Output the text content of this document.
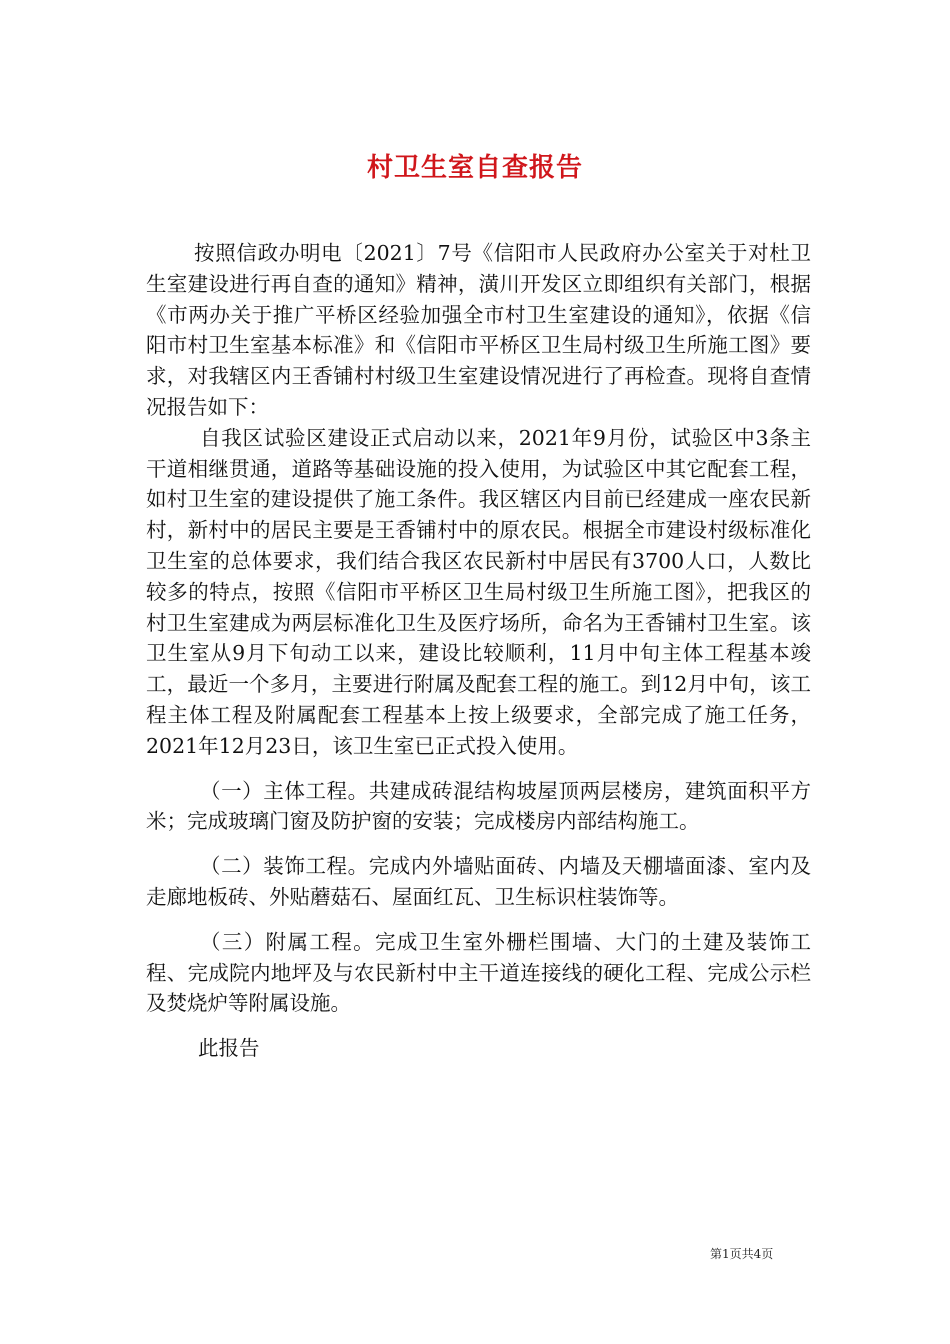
村卫生室自查报告

按照信政办明电〔2021〕7号《信阳市人民政府办公室关于对杜卫生室建设进行再自查的通知》精神，潢川开发区立即组织有关部门，根据《市两办关于推广平桥区经验加强全市村卫生室建设的通知》，依据《信阳市村卫生室基本标准》和《信阳市平桥区卫生局村级卫生所施工图》要求，对我辖区内王香铺村村级卫生室建设情况进行了再检查。现将自查情况报告如下：

自我区试验区建设正式启动以来，2021年9月份，试验区中3条主干道相继贯通，道路等基础设施的投入使用，为试验区中其它配套工程，如村卫生室的建设提供了施工条件。我区辖区内目前已经建成一座农民新村，新村中的居民主要是王香铺村中的原农民。根据全市建设村级标准化卫生室的总体要求，我们结合我区农民新村中居民有3700人口，人数比较多的特点，按照《信阳市平桥区卫生局村级卫生所施工图》，把我区的村卫生室建成为两层标准化卫生及医疗场所，命名为王香铺村卫生室。该卫生室从9月下旬动工以来，建设比较顺利，11月中旬主体工程基本竣工，最近一个多月，主要进行附属及配套工程的施工。到12月中旬，该工程主体工程及附属配套工程基本上按上级要求，全部完成了施工任务，2021年12月23日，该卫生室已正式投入使用。

（一）主体工程。共建成砖混结构坡屋顶两层楼房，建筑面积平方米；完成玻璃门窗及防护窗的安装；完成楼房内部结构施工。

（二）装饰工程。完成内外墙贴面砖、内墙及天棚墙面漆、室内及走廊地板砖、外贴蘑菇石、屋面红瓦、卫生标识柱装饰等。

（三）附属工程。完成卫生室外栅栏围墙、大门的土建及装饰工程、完成院内地坪及与农民新村中主干道连接线的硬化工程、完成公示栏及焚烧炉等附属设施。

此报告

第1页共4页
